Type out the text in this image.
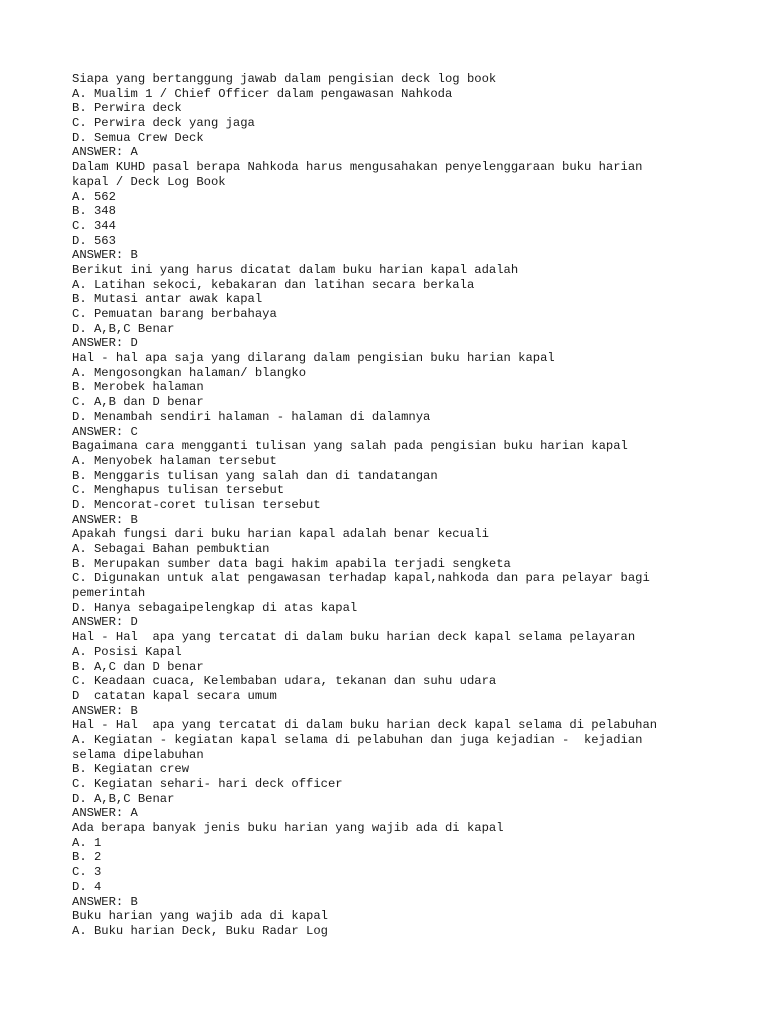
Siapa yang bertanggung jawab dalam pengisian deck log book
A. Mualim 1 / Chief Officer dalam pengawasan Nahkoda
B. Perwira deck
C. Perwira deck yang jaga
D. Semua Crew Deck
ANSWER: A
Dalam KUHD pasal berapa Nahkoda harus mengusahakan penyelenggaraan buku harian
kapal / Deck Log Book
A. 562
B. 348
C. 344
D. 563
ANSWER: B
Berikut ini yang harus dicatat dalam buku harian kapal adalah
A. Latihan sekoci, kebakaran dan latihan secara berkala
B. Mutasi antar awak kapal
C. Pemuatan barang berbahaya
D. A,B,C Benar
ANSWER: D
Hal - hal apa saja yang dilarang dalam pengisian buku harian kapal
A. Mengosongkan halaman/ blangko
B. Merobek halaman
C. A,B dan D benar
D. Menambah sendiri halaman - halaman di dalamnya
ANSWER: C
Bagaimana cara mengganti tulisan yang salah pada pengisian buku harian kapal
A. Menyobek halaman tersebut
B. Menggaris tulisan yang salah dan di tandatangan
C. Menghapus tulisan tersebut
D. Mencorat-coret tulisan tersebut
ANSWER: B
Apakah fungsi dari buku harian kapal adalah benar kecuali
A. Sebagai Bahan pembuktian
B. Merupakan sumber data bagi hakim apabila terjadi sengketa
C. Digunakan untuk alat pengawasan terhadap kapal,nahkoda dan para pelayar bagi
pemerintah
D. Hanya sebagaipelengkap di atas kapal
ANSWER: D
Hal - Hal  apa yang tercatat di dalam buku harian deck kapal selama pelayaran
A. Posisi Kapal
B. A,C dan D benar
C. Keadaan cuaca, Kelembaban udara, tekanan dan suhu udara
D  catatan kapal secara umum
ANSWER: B
Hal - Hal  apa yang tercatat di dalam buku harian deck kapal selama di pelabuhan
A. Kegiatan - kegiatan kapal selama di pelabuhan dan juga kejadian -  kejadian
selama dipelabuhan
B. Kegiatan crew
C. Kegiatan sehari- hari deck officer
D. A,B,C Benar
ANSWER: A
Ada berapa banyak jenis buku harian yang wajib ada di kapal
A. 1
B. 2
C. 3
D. 4
ANSWER: B
Buku harian yang wajib ada di kapal
A. Buku harian Deck, Buku Radar Log
